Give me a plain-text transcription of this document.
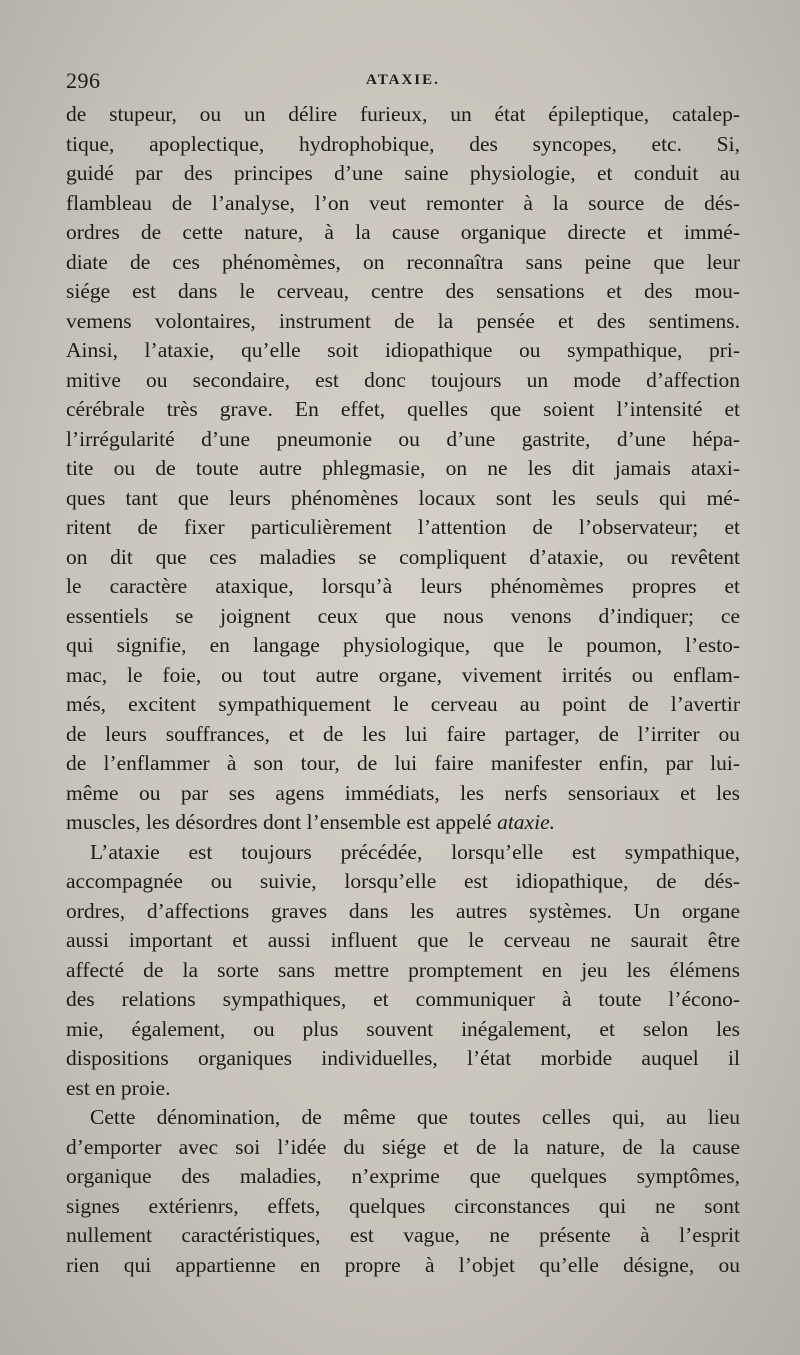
296	ATAXIE.
de stupeur, ou un délire furieux, un état épileptique, catalep-
tique, apoplectique, hydrophobique, des syncopes, etc. Si,
guidé par des principes d’une saine physiologie, et conduit au
flambleau de l’analyse, l’on veut remonter à la source de dés-
ordres de cette nature, à la cause organique directe et immé-
diate de ces phénomèmes, on reconnaîtra sans peine que leur
siége est dans le cerveau, centre des sensations et des mou-
vemens volontaires, instrument de la pensée et des sentimens.
Ainsi, l’ataxie, qu’elle soit idiopathique ou sympathique, pri-
mitive ou secondaire, est donc toujours un mode d’affection
cérébrale très grave. En effet, quelles que soient l’intensité et
l’irrégularité d’une pneumonie ou d’une gastrite, d’une hépa-
tite ou de toute autre phlegmasie, on ne les dit jamais ataxi-
ques tant que leurs phénomènes locaux sont les seuls qui mé-
ritent de fixer particulièrement l’attention de l’observateur; et
on dit que ces maladies se compliquent d’ataxie, ou revêtent
le caractère ataxique, lorsqu’à leurs phénomèmes propres et
essentiels se joignent ceux que nous venons d’indiquer; ce
qui signifie, en langage physiologique, que le poumon, l’esto-
mac, le foie, ou tout autre organe, vivement irrités ou enflam-
més, excitent sympathiquement le cerveau au point de l’avertir
de leurs souffrances, et de les lui faire partager, de l’irriter ou
de l’enflammer à son tour, de lui faire manifester enfin, par lui-
même ou par ses agens immédiats, les nerfs sensoriaux et les
muscles, les désordres dont l’ensemble est appelé ataxie.
L’ataxie est toujours précédée, lorsqu’elle est sympathique,
accompagnée ou suivie, lorsqu’elle est idiopathique, de dés-
ordres, d’affections graves dans les autres systèmes. Un organe
aussi important et aussi influent que le cerveau ne saurait être
affecté de la sorte sans mettre promptement en jeu les élémens
des relations sympathiques, et communiquer à toute l’écono-
mie, également, ou plus souvent inégalement, et selon les
dispositions organiques individuelles, l’état morbide auquel il
est en proie.
Cette dénomination, de même que toutes celles qui, au lieu
d’emporter avec soi l’idée du siége et de la nature, de la cause
organique des maladies, n’exprime que quelques symptômes,
signes extérienrs, effets, quelques circonstances qui ne sont
nullement caractéristiques, est vague, ne présente à l’esprit
rien qui appartienne en propre à l’objet qu’elle désigne, ou
